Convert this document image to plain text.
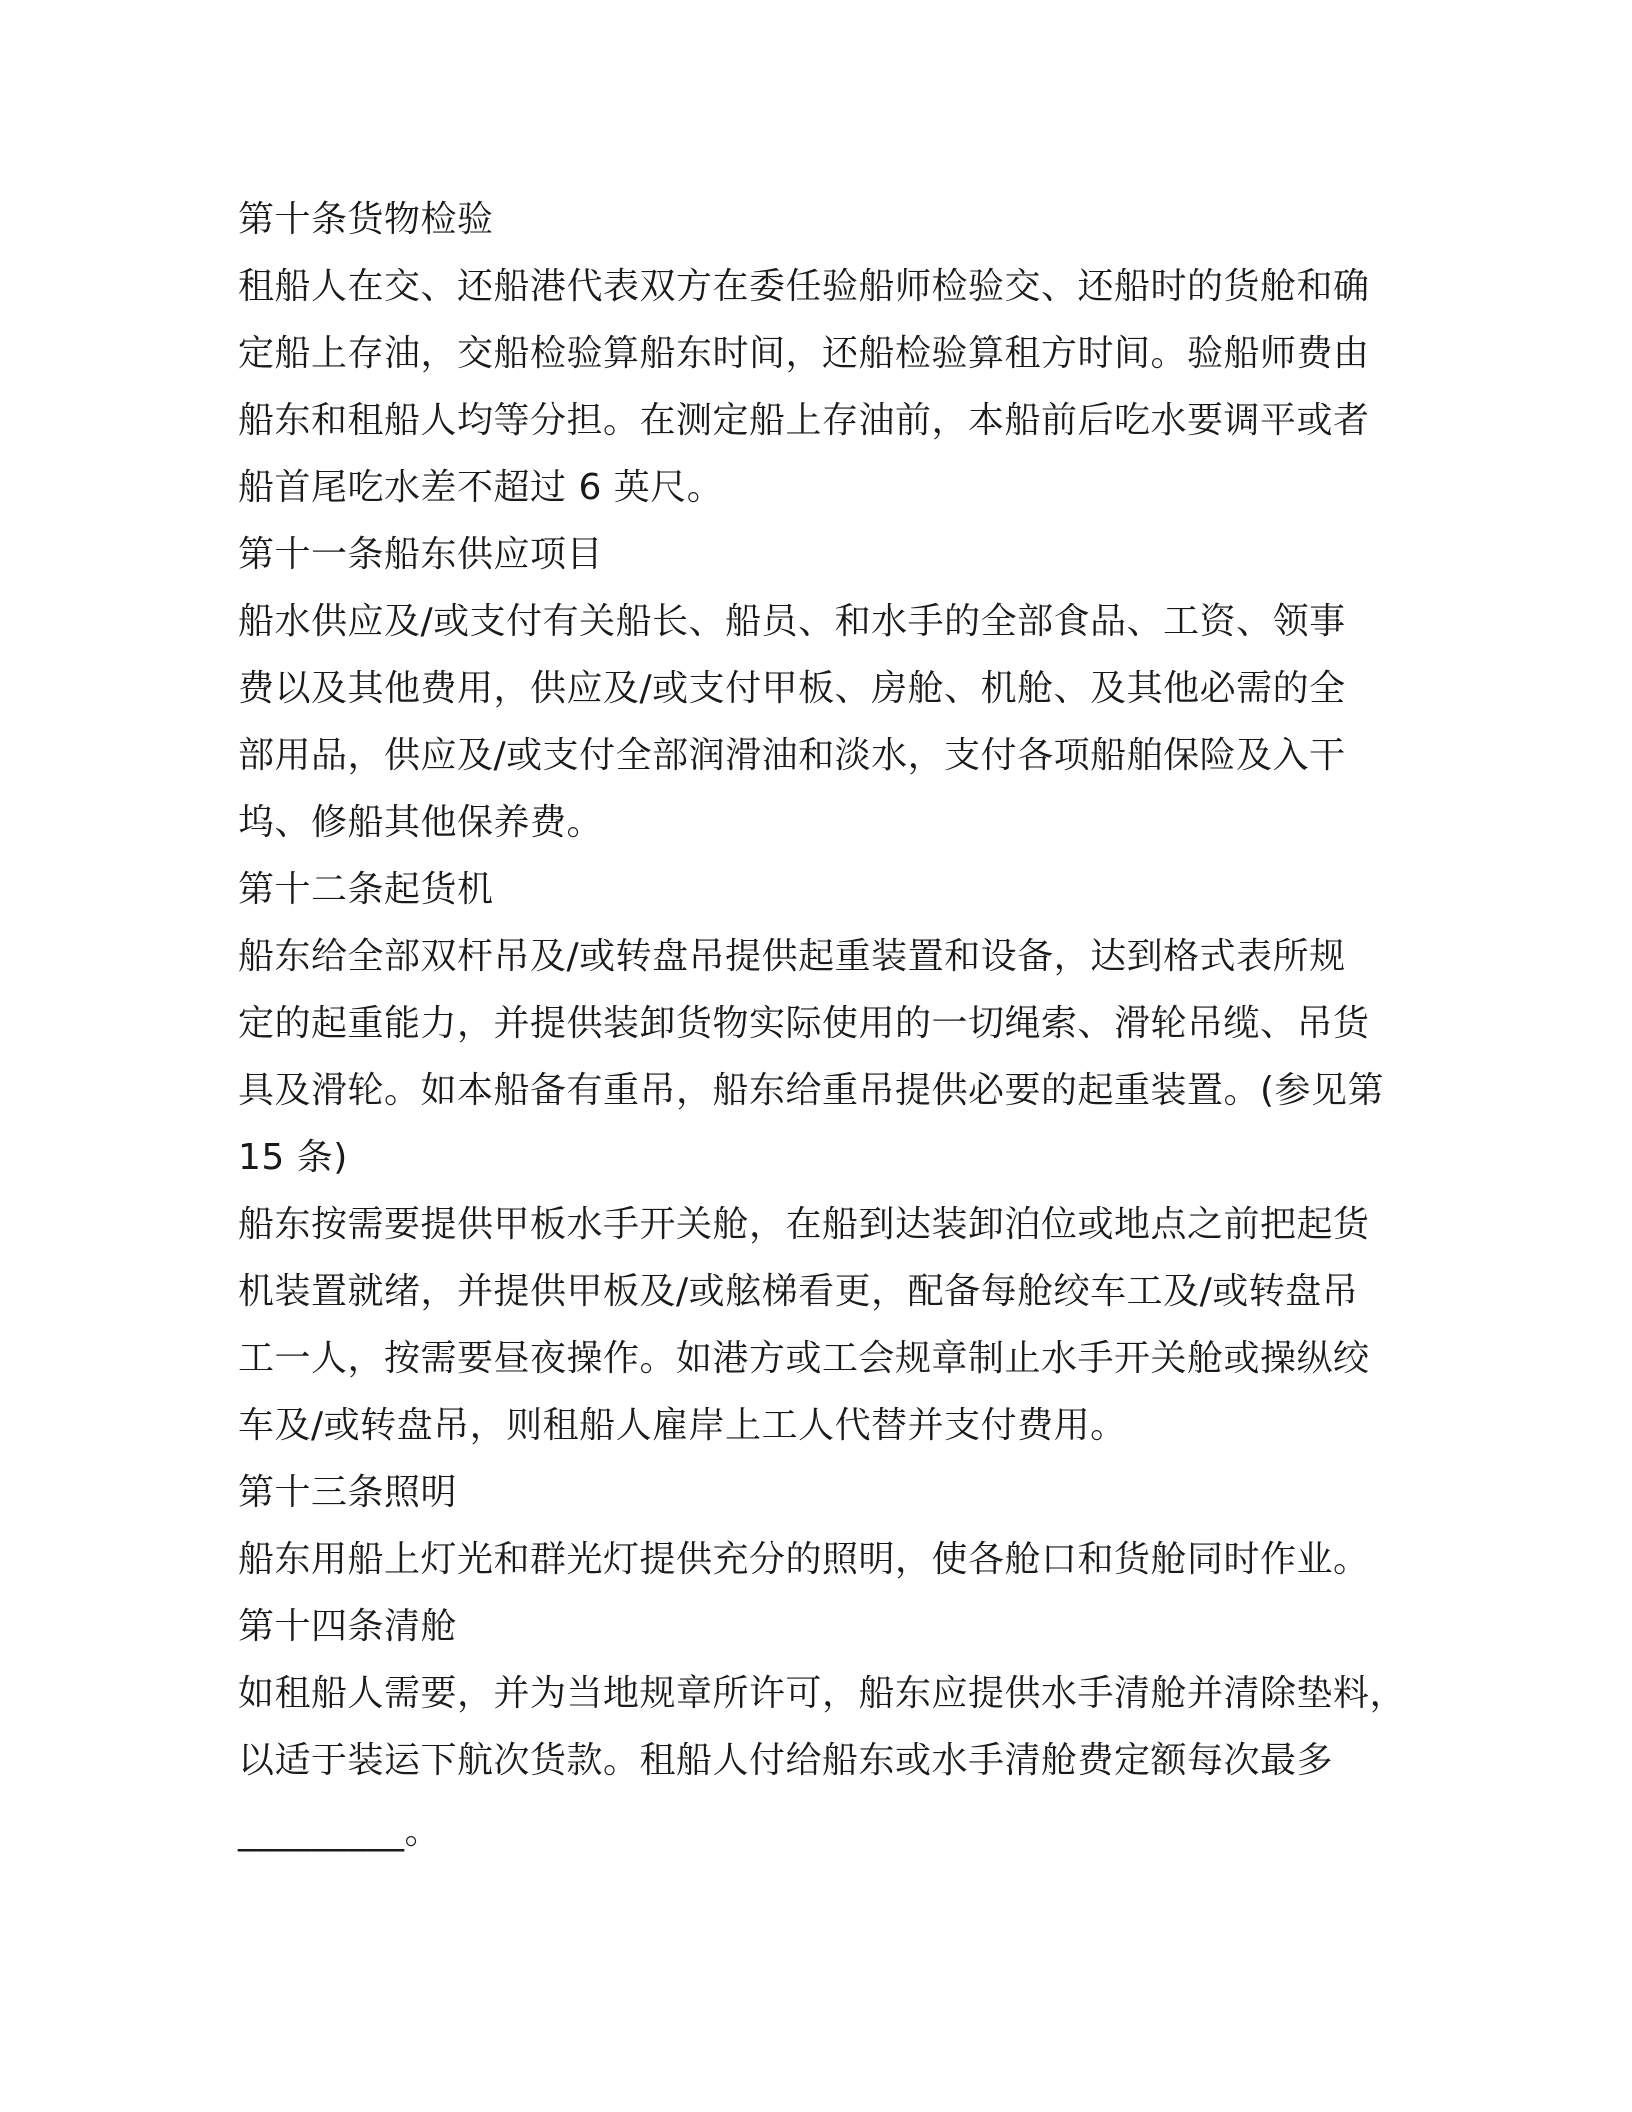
第十条货物检验
租船人在交、还船港代表双方在委任验船师检验交、还船时的货舱和确
定船上存油，交船检验算船东时间，还船检验算租方时间。验船师费由
船东和租船人均等分担。在测定船上存油前，本船前后吃水要调平或者
船首尾吃水差不超过 6 英尺。
第十一条船东供应项目
船水供应及/或支付有关船长、船员、和水手的全部食品、工资、领事
费以及其他费用，供应及/或支付甲板、房舱、机舱、及其他必需的全
部用品，供应及/或支付全部润滑油和淡水，支付各项船舶保险及入干
坞、修船其他保养费。
第十二条起货机
船东给全部双杆吊及/或转盘吊提供起重装置和设备，达到格式表所规
定的起重能力，并提供装卸货物实际使用的一切绳索、滑轮吊缆、吊货
具及滑轮。如本船备有重吊，船东给重吊提供必要的起重装置。(参见第
15 条)
船东按需要提供甲板水手开关舱，在船到达装卸泊位或地点之前把起货
机装置就绪，并提供甲板及/或舷梯看更，配备每舱绞车工及/或转盘吊
工一人，按需要昼夜操作。如港方或工会规章制止水手开关舱或操纵绞
车及/或转盘吊，则租船人雇岸上工人代替并支付费用。
第十三条照明
船东用船上灯光和群光灯提供充分的照明，使各舱口和货舱同时作业。
第十四条清舱
如租船人需要，并为当地规章所许可，船东应提供水手清舱并清除垫料，
以适于装运下航次货款。租船人付给船东或水手清舱费定额每次最多
_________。
